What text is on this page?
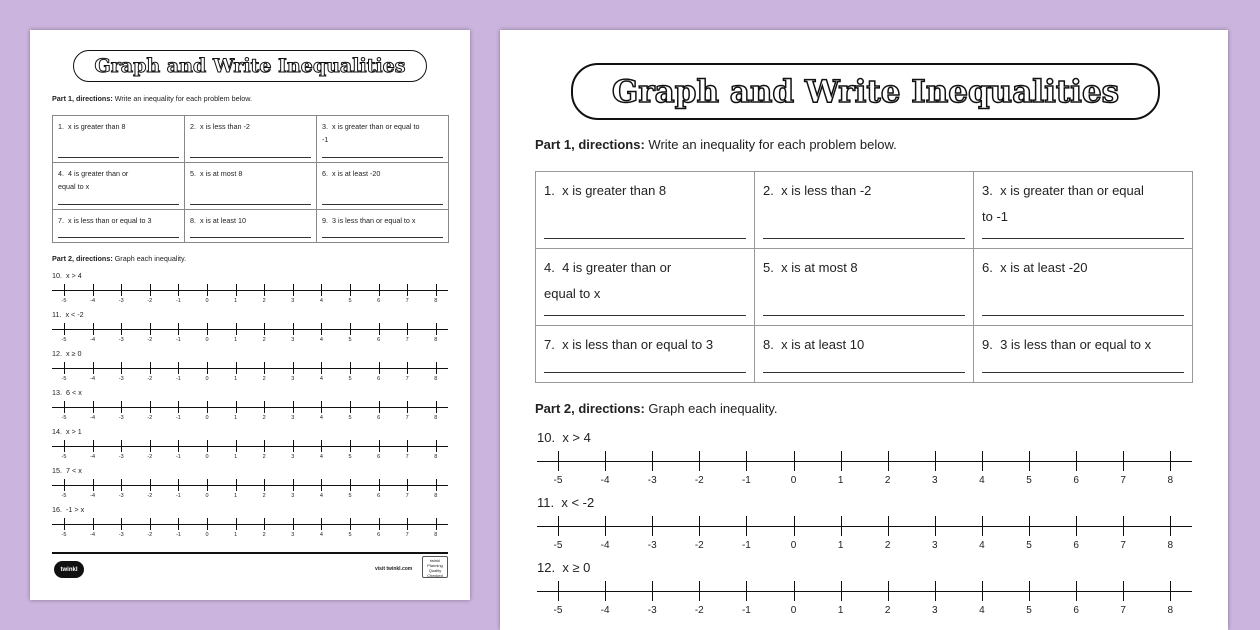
Graph and Write Inequalities
Part 1, directions: Write an inequality for each problem below.
1. x is greater than 8	2. x is less than -2	3. x is greater than or equal to -1

4. 4 is greater than or equal to x	5. x is at most 8	6. x is at least -20

7. x is less than or equal to 3	8. x is at least 10	9. 3 is less than or equal to x
Part 2, directions: Graph each inequality.
10. x > 4
-5	-4	-3	-2	-1	0	1	2	3	4	5	6	7	8
11. x < -2
-5	-4	-3	-2	-1	0	1	2	3	4	5	6	7	8
12. x ≥ 0
-5	-4	-3	-2	-1	0	1	2	3	4	5	6	7	8
13. 6 < x
-5	-4	-3	-2	-1	0	1	2	3	4	5	6	7	8
14. x > 1
-5	-4	-3	-2	-1	0	1	2	3	4	5	6	7	8
15. 7 < x
-5	-4	-3	-2	-1	0	1	2	3	4	5	6	7	8
16. -1 > x
-5	-4	-3	-2	-1	0	1	2	3	4	5	6	7	8
twinkl	visit twinkl.com
twinkl Planning Quality Checked
Graph and Write Inequalities
Part 1, directions: Write an inequality for each problem below.
1. x is greater than 8	2. x is less than -2	3. x is greater than or equal to -1

4. 4 is greater than or equal to x	5. x is at most 8	6. x is at least -20

7. x is less than or equal to 3	8. x is at least 10	9. 3 is less than or equal to x
Part 2, directions: Graph each inequality.
10. x > 4
-5	-4	-3	-2	-1	0	1	2	3	4	5	6	7	8
11. x < -2
-5	-4	-3	-2	-1	0	1	2	3	4	5	6	7	8
12. x ≥ 0
-5	-4	-3	-2	-1	0	1	2	3	4	5	6	7	8
